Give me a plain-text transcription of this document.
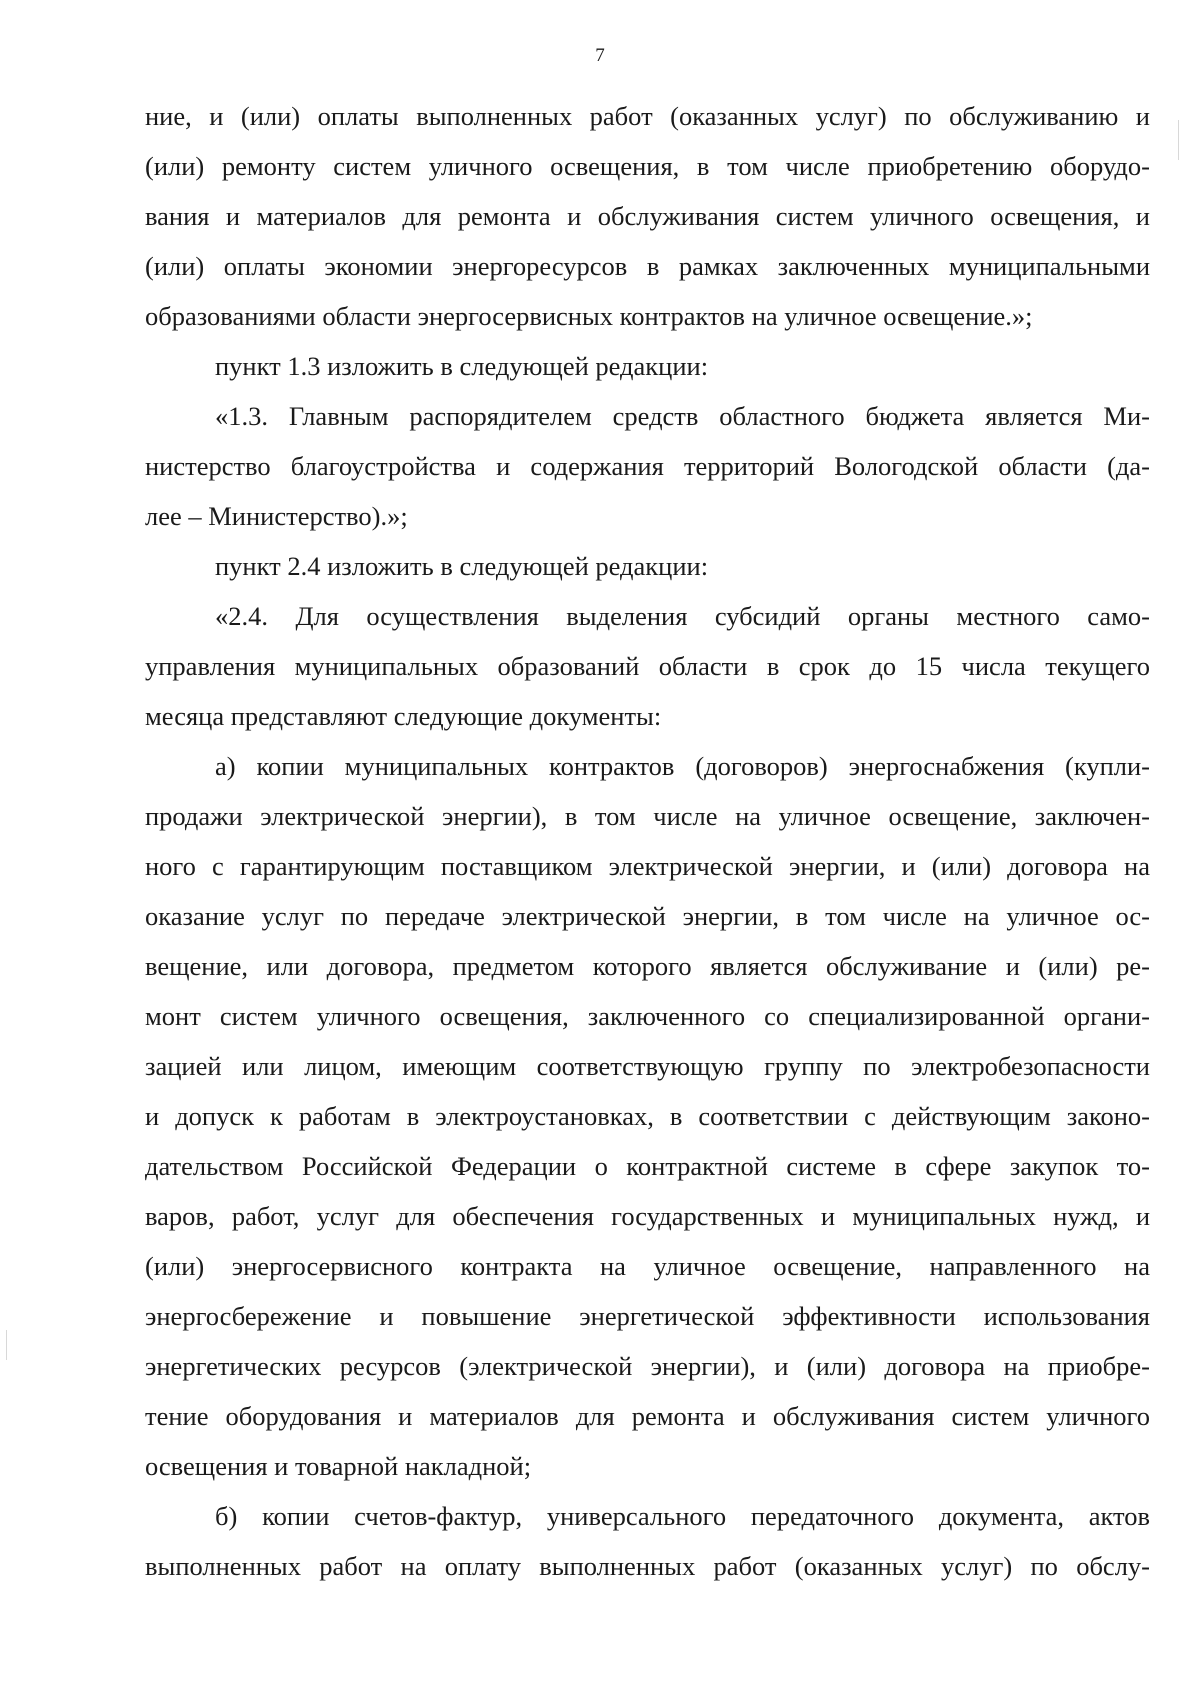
7
ние, и (или) оплаты выполненных работ (оказанных услуг) по обслуживанию и
(или) ремонту систем уличного освещения, в том числе приобретению оборудо-
вания и материалов для ремонта и обслуживания систем уличного освещения, и
(или) оплаты экономии энергоресурсов в рамках заключенных муниципальными
образованиями области энергосервисных контрактов на уличное освещение.»;
пункт 1.3 изложить в следующей редакции:
«1.3. Главным распорядителем средств областного бюджета является Ми-
нистерство благоустройства и содержания территорий Вологодской области (да-
лее – Министерство).»;
пункт 2.4 изложить в следующей редакции:
«2.4. Для осуществления выделения субсидий органы местного само-
управления муниципальных образований области в срок до 15 числа текущего
месяца представляют следующие документы:
а) копии муниципальных контрактов (договоров) энергоснабжения (купли-
продажи электрической энергии), в том числе на уличное освещение, заключен-
ного с гарантирующим поставщиком электрической энергии, и (или) договора на
оказание услуг по передаче электрической энергии, в том числе на уличное ос-
вещение, или договора, предметом которого является обслуживание и (или) ре-
монт систем уличного освещения, заключенного со специализированной органи-
зацией или лицом, имеющим соответствующую группу по электробезопасности
и допуск к работам в электроустановках, в соответствии с действующим законо-
дательством Российской Федерации о контрактной системе в сфере закупок то-
варов, работ, услуг для обеспечения государственных и муниципальных нужд, и
(или) энергосервисного контракта на уличное освещение, направленного на
энергосбережение и повышение энергетической эффективности использования
энергетических ресурсов (электрической энергии), и (или) договора на приобре-
тение оборудования и материалов для ремонта и обслуживания систем уличного
освещения и товарной накладной;
б) копии счетов-фактур, универсального передаточного документа, актов
выполненных работ на оплату выполненных работ (оказанных услуг) по обслу-
